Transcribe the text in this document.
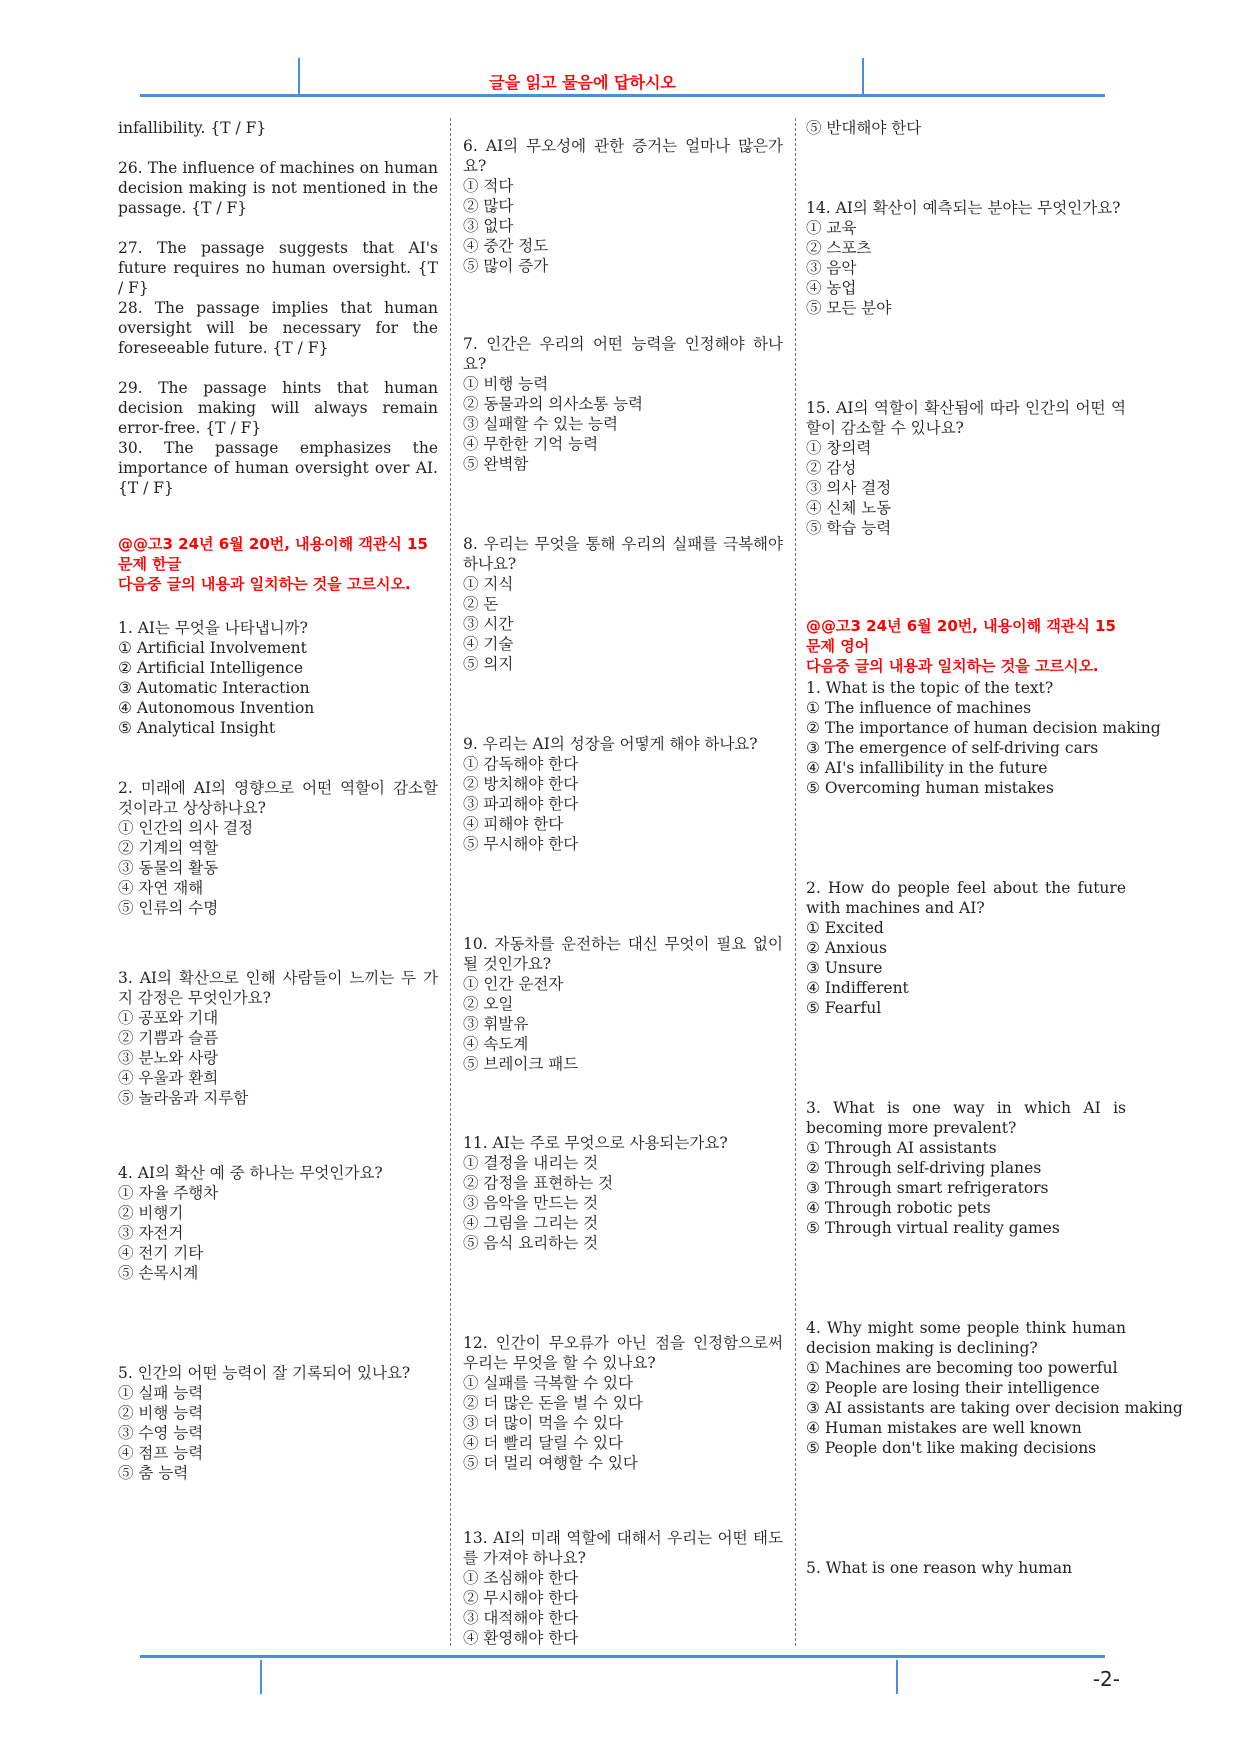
글을 읽고 물음에 답하시오
infallibility. {T / F}
26. The influence of machines on human decision making is not mentioned in the passage. {T / F}
27. The passage suggests that AI's future requires no human oversight. {T / F}
28. The passage implies that human oversight will be necessary for the foreseeable future. {T / F}
29. The passage hints that human decision making will always remain error-free. {T / F}
30. The passage emphasizes the importance of human oversight over AI. {T / F}
@@고3 24년 6월 20번, 내용이해 객관식 15문제 한글
다음중 글의 내용과 일치하는 것을 고르시오.
1. AI는 무엇을 나타냅니까?
① Artificial Involvement
② Artificial Intelligence
③ Automatic Interaction
④ Autonomous Invention
⑤ Analytical Insight
2. 미래에 AI의 영향으로 어떤 역할이 감소할 것이라고 상상하나요?
① 인간의 의사 결정
② 기계의 역할
③ 동물의 활동
④ 자연 재해
⑤ 인류의 수명
3. AI의 확산으로 인해 사람들이 느끼는 두 가지 감정은 무엇인가요?
① 공포와 기대
② 기쁨과 슬픔
③ 분노와 사랑
④ 우울과 환희
⑤ 놀라움과 지루함
4. AI의 확산 예 중 하나는 무엇인가요?
① 자율 주행차
② 비행기
③ 자전거
④ 전기 기타
⑤ 손목시계
5. 인간의 어떤 능력이 잘 기록되어 있나요?
① 실패 능력
② 비행 능력
③ 수영 능력
④ 점프 능력
⑤ 춤 능력
6. AI의 무오성에 관한 증거는 얼마나 많은가요?
① 적다
② 많다
③ 없다
④ 중간 정도
⑤ 많이 증가
7. 인간은 우리의 어떤 능력을 인정해야 하나요?
① 비행 능력
② 동물과의 의사소통 능력
③ 실패할 수 있는 능력
④ 무한한 기억 능력
⑤ 완벽함
8. 우리는 무엇을 통해 우리의 실패를 극복해야 하나요?
① 지식
② 돈
③ 시간
④ 기술
⑤ 의지
9. 우리는 AI의 성장을 어떻게 해야 하나요?
① 감독해야 한다
② 방치해야 한다
③ 파괴해야 한다
④ 피해야 한다
⑤ 무시해야 한다
10. 자동차를 운전하는 대신 무엇이 필요 없이 될 것인가요?
① 인간 운전자
② 오일
③ 휘발유
④ 속도계
⑤ 브레이크 패드
11. AI는 주로 무엇으로 사용되는가요?
① 결정을 내리는 것
② 감정을 표현하는 것
③ 음악을 만드는 것
④ 그림을 그리는 것
⑤ 음식 요리하는 것
12. 인간이 무오류가 아닌 점을 인정함으로써 우리는 무엇을 할 수 있나요?
① 실패를 극복할 수 있다
② 더 많은 돈을 벌 수 있다
③ 더 많이 먹을 수 있다
④ 더 빨리 달릴 수 있다
⑤ 더 멀리 여행할 수 있다
13. AI의 미래 역할에 대해서 우리는 어떤 태도를 가져야 하나요?
① 조심해야 한다
② 무시해야 한다
③ 대적해야 한다
④ 환영해야 한다
⑤ 반대해야 한다
14. AI의 확산이 예측되는 분야는 무엇인가요?
① 교육
② 스포츠
③ 음악
④ 농업
⑤ 모든 분야
15. AI의 역할이 확산됨에 따라 인간의 어떤 역할이 감소할 수 있나요?
① 창의력
② 감성
③ 의사 결정
④ 신체 노동
⑤ 학습 능력
@@고3 24년 6월 20번, 내용이해 객관식 15문제 영어
다음중 글의 내용과 일치하는 것을 고르시오.
1. What is the topic of the text?
① The influence of machines
② The importance of human decision making
③ The emergence of self-driving cars
④ AI's infallibility in the future
⑤ Overcoming human mistakes
2. How do people feel about the future with machines and AI?
① Excited
② Anxious
③ Unsure
④ Indifferent
⑤ Fearful
3. What is one way in which AI is becoming more prevalent?
① Through AI assistants
② Through self-driving planes
③ Through smart refrigerators
④ Through robotic pets
⑤ Through virtual reality games
4. Why might some people think human decision making is declining?
① Machines are becoming too powerful
② People are losing their intelligence
③ AI assistants are taking over decision making
④ Human mistakes are well known
⑤ People don't like making decisions
5. What is one reason why human
-2-
